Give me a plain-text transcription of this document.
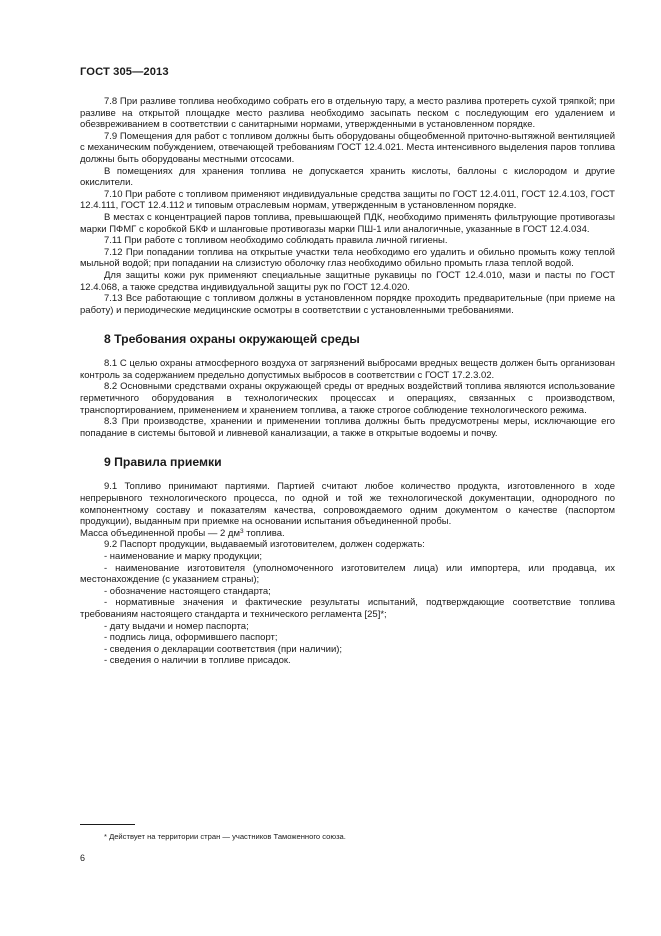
ГОСТ 305—2013

7.8 При разливе топлива необходимо собрать его в отдельную тару, а место разлива протереть сухой тряпкой; при разливе на открытой площадке место разлива необходимо засыпать песком с последующим его удалением и обезвреживанием в соответствии с санитарными нормами, утвержденными в установленном порядке.

7.9 Помещения для работ с топливом должны быть оборудованы общеобменной приточно-вытяжной вентиляцией с механическим побуждением, отвечающей требованиям ГОСТ 12.4.021. Места интенсивного выделения паров топлива должны быть оборудованы местными отсосами.

В помещениях для хранения топлива не допускается хранить кислоты, баллоны с кислородом и другие окислители.

7.10 При работе с топливом применяют индивидуальные средства защиты по ГОСТ 12.4.011, ГОСТ 12.4.103, ГОСТ 12.4.111, ГОСТ 12.4.112 и типовым отраслевым нормам, утвержденным в установленном порядке.

В местах с концентрацией паров топлива, превышающей ПДК, необходимо применять фильтрующие противогазы марки ПФМГ с коробкой БКФ и шланговые противогазы марки ПШ-1 или аналогичные, указанные в ГОСТ 12.4.034.

7.11 При работе с топливом необходимо соблюдать правила личной гигиены.

7.12 При попадании топлива на открытые участки тела необходимо его удалить и обильно промыть кожу теплой мыльной водой; при попадании на слизистую оболочку глаз необходимо обильно промыть глаза теплой водой.

Для защиты кожи рук применяют специальные защитные рукавицы по ГОСТ 12.4.010, мази и пасты по ГОСТ 12.4.068, а также средства индивидуальной защиты рук по ГОСТ 12.4.020.

7.13 Все работающие с топливом должны в установленном порядке проходить предварительные (при приеме на работу) и периодические медицинские осмотры в соответствии с установленными требованиями.

8 Требования охраны окружающей среды

8.1 С целью охраны атмосферного воздуха от загрязнений выбросами вредных веществ должен быть организован контроль за содержанием предельно допустимых выбросов в соответствии с ГОСТ 17.2.3.02.

8.2 Основными средствами охраны окружающей среды от вредных воздействий топлива являются использование герметичного оборудования в технологических процессах и операциях, связанных с производством, транспортированием, применением и хранением топлива, а также строгое соблюдение технологического режима.

8.3 При производстве, хранении и применении топлива должны быть предусмотрены меры, исключающие его попадание в системы бытовой и ливневой канализации, а также в открытые водоемы и почву.

9 Правила приемки

9.1 Топливо принимают партиями. Партией считают любое количество продукта, изготовленного в ходе непрерывного технологического процесса, по одной и той же технологической документации, однородного по компонентному составу и показателям качества, сопровождаемого одним документом о качестве (паспортом продукции), выданным при приемке на основании испытания объединенной пробы.

Масса объединенной пробы — 2 $дм^3$ топлива.

9.2 Паспорт продукции, выдаваемый изготовителем, должен содержать:

- наименование и марку продукции;

- наименование изготовителя (уполномоченного изготовителем лица) или импортера, или продавца, их местонахождение (с указанием страны);

- обозначение настоящего стандарта;

- нормативные значения и фактические результаты испытаний, подтверждающие соответствие топлива требованиям настоящего стандарта и технического регламента [25]*;

- дату выдачи и номер паспорта;

- подпись лица, оформившего паспорт;

- сведения о декларации соответствия (при наличии);

- сведения о наличии в топливе присадок.

* Действует на территории стран — участников Таможенного союза.
6
